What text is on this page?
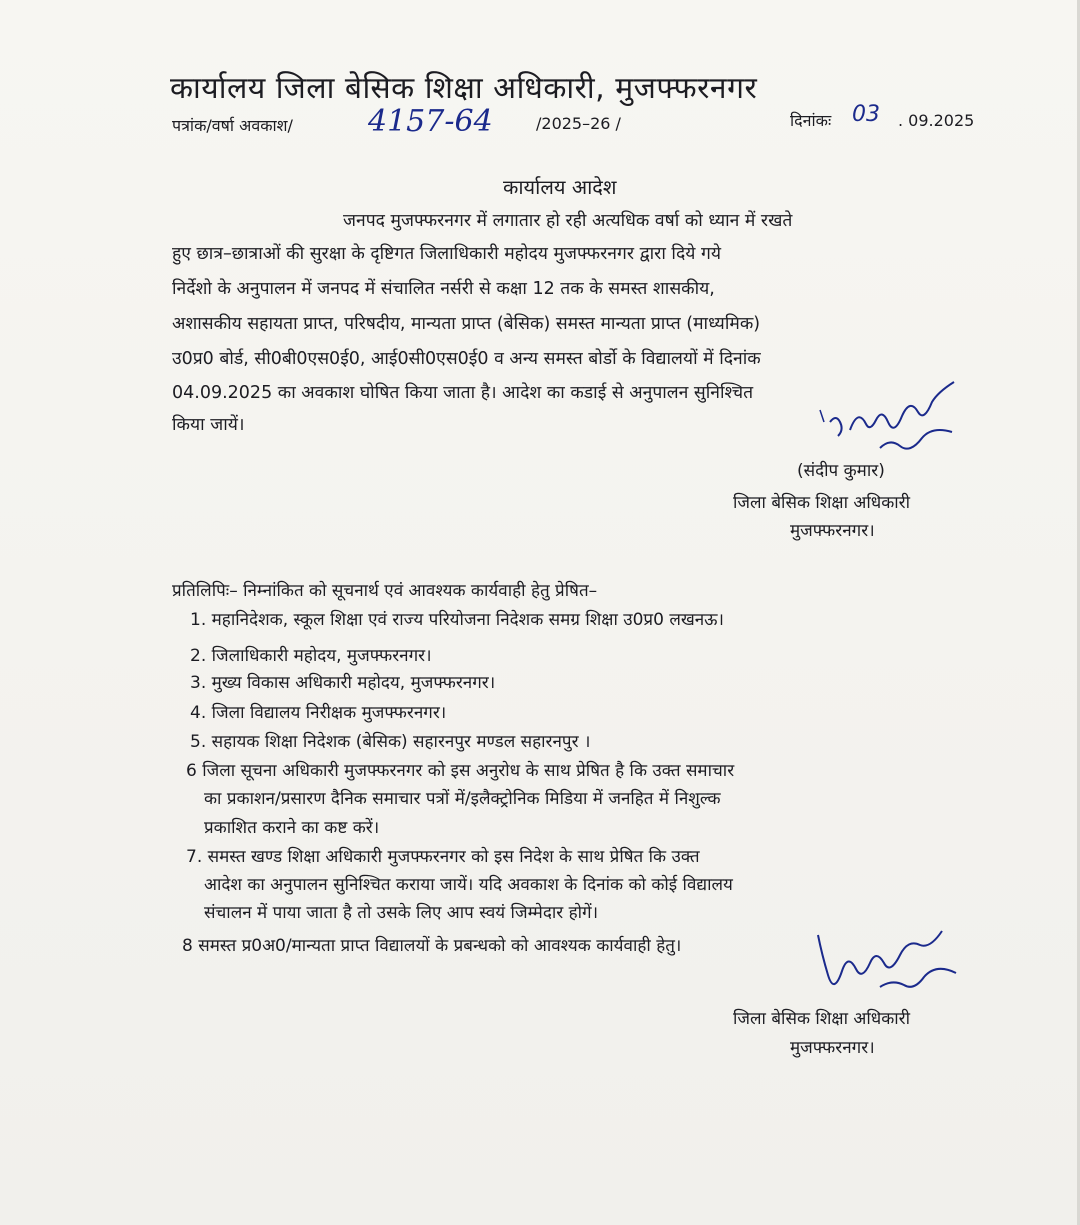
कार्यालय जिला बेसिक शिक्षा अधिकारी, मुजफ्फरनगर
पत्रांक/वर्षा अवकाश/	4157-64	/2025–26 /	दिनांकः 03 . 09.2025
कार्यालय आदेश
जनपद मुजफ्फरनगर में लगातार हो रही अत्यधिक वर्षा को ध्यान में रखते
हुए छात्र–छात्राओं की सुरक्षा के दृष्टिगत जिलाधिकारी महोदय मुजफ्फरनगर द्वारा दिये गये
निर्देशो के अनुपालन में जनपद में संचालित नर्सरी से कक्षा 12 तक के समस्त शासकीय,
अशासकीय सहायता प्राप्त, परिषदीय, मान्यता प्राप्त (बेसिक) समस्त मान्यता प्राप्त (माध्यमिक)
उ0प्र0 बोर्ड, सी0बी0एस0ई0, आई0सी0एस0ई0 व अन्य समस्त बोर्डो के विद्यालयों में दिनांक
04.09.2025 का अवकाश घोषित किया जाता है। आदेश का कडाई से अनुपालन सुनिश्चित
किया जायें।
(संदीप कुमार)
जिला बेसिक शिक्षा अधिकारी
मुजफ्फरनगर।
प्रतिलिपिः– निम्नांकित को सूचनार्थ एवं आवश्यक कार्यवाही हेतु प्रेषित–
1. महानिदेशक, स्कूल शिक्षा एवं राज्य परियोजना निदेशक समग्र शिक्षा उ0प्र0 लखनऊ।
2. जिलाधिकारी महोदय, मुजफ्फरनगर।
3. मुख्य विकास अधिकारी महोदय, मुजफ्फरनगर।
4. जिला विद्यालय निरीक्षक मुजफ्फरनगर।
5. सहायक शिक्षा निदेशक (बेसिक) सहारनपुर मण्डल सहारनपुर ।
6 जिला सूचना अधिकारी मुजफ्फरनगर को इस अनुरोध के साथ प्रेषित है कि उक्त समाचार
का प्रकाशन/प्रसारण दैनिक समाचार पत्रों में/इलैक्ट्रोनिक मिडिया में जनहित में निशुल्क
प्रकाशित कराने का कष्ट करें।
7. समस्त खण्ड शिक्षा अधिकारी मुजफ्फरनगर को इस निदेश के साथ प्रेषित कि उक्त
आदेश का अनुपालन सुनिश्चित कराया जायें। यदि अवकाश के दिनांक को कोई विद्यालय
संचालन में पाया जाता है तो उसके लिए आप स्वयं जिम्मेदार होगें।
8 समस्त प्र0अ0/मान्यता प्राप्त विद्यालयों के प्रबन्धको को आवश्यक कार्यवाही हेतु।
जिला बेसिक शिक्षा अधिकारी
मुजफ्फरनगर।
